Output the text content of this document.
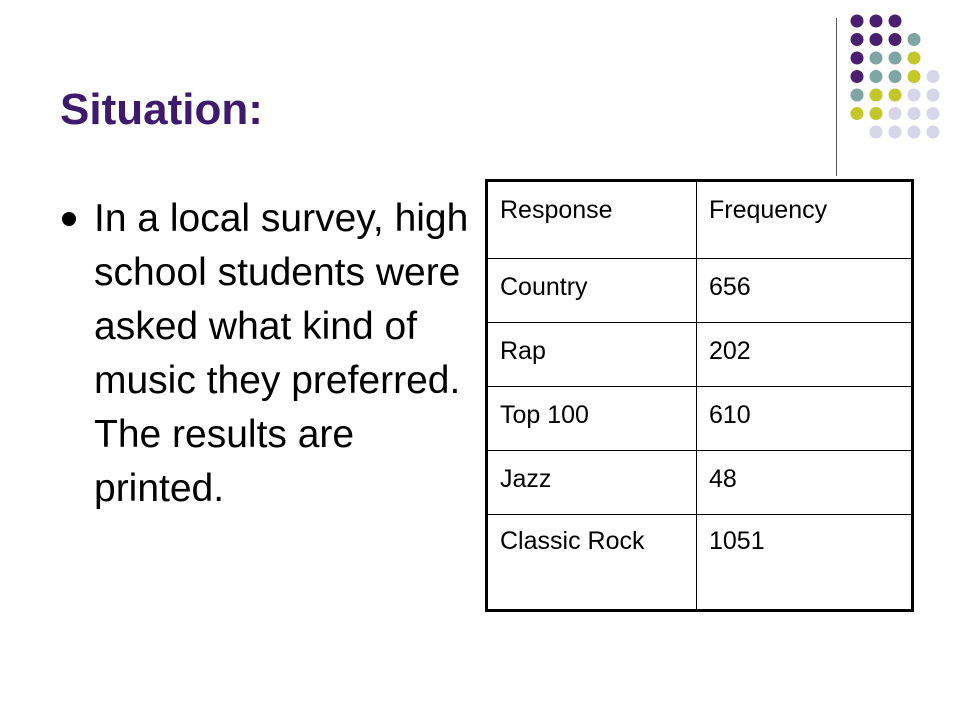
Situation:

In a local survey, high school students were asked what kind of music they preferred. The results are printed.

Response	Frequency
Country	656
Rap	202
Top 100	610
Jazz	48
Classic Rock	1051
